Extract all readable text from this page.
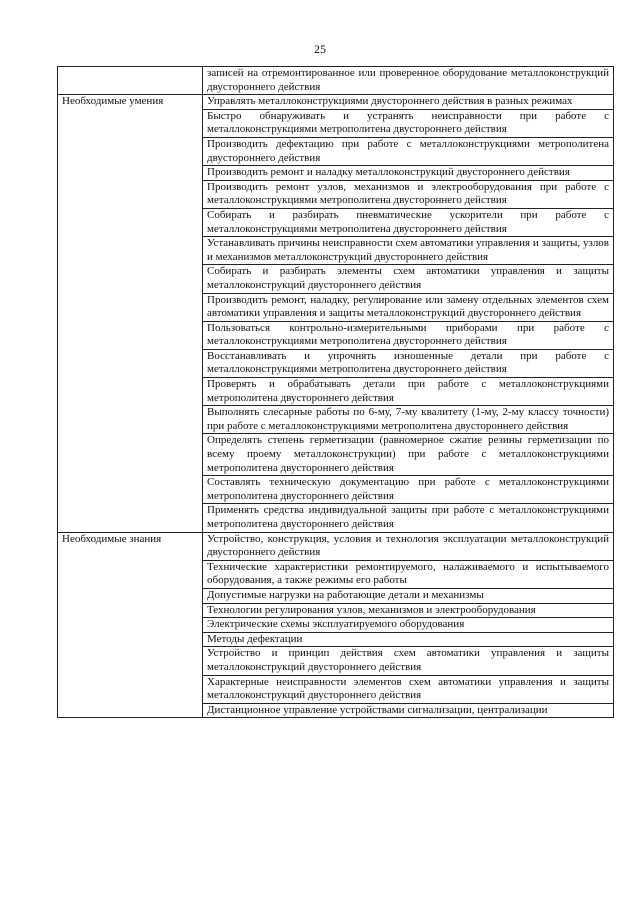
25
	записей на отремонтированное или проверенное оборудование металлоконструкций двустороннего действия
Необходимые умения	Управлять металлоконструкциями двустороннего действия в разных режимах
	Быстро обнаруживать и устранять неисправности при работе с металлоконструкциями метрополитена двустороннего действия
	Производить дефектацию при работе с металлоконструкциями метрополитена двустороннего действия
	Производить ремонт и наладку металлоконструкций двустороннего действия
	Производить ремонт узлов, механизмов и электрооборудования при работе с металлоконструкциями метрополитена двустороннего действия
	Собирать и разбирать пневматические ускорители при работе с металлоконструкциями метрополитена двустороннего действия
	Устанавливать причины неисправности схем автоматики управления и защиты, узлов и механизмов металлоконструкций двустороннего действия
	Собирать и разбирать элементы схем автоматики управления и защиты металлоконструкций двустороннего действия
	Производить ремонт, наладку, регулирование или замену отдельных элементов схем автоматики управления и защиты металлоконструкций двустороннего действия
	Пользоваться контрольно-измерительными приборами при работе с металлоконструкциями метрополитена двустороннего действия
	Восстанавливать и упрочнять изношенные детали при работе с металлоконструкциями метрополитена двустороннего действия
	Проверять и обрабатывать детали при работе с металлоконструкциями метрополитена двустороннего действия
	Выполнять слесарные работы по 6-му, 7-му квалитету (1-му, 2-му классу точности) при работе с металлоконструкциями метрополитена двустороннего действия
	Определять степень герметизации (равномерное сжатие резины герметизации по всему проему металлоконструкции) при работе с металлоконструкциями метрополитена двустороннего действия
	Составлять техническую документацию при работе с металлоконструкциями метрополитена двустороннего действия
	Применять средства индивидуальной защиты при работе с металлоконструкциями метрополитена двустороннего действия
Необходимые знания	Устройство, конструкция, условия и технология эксплуатации металлоконструкций двустороннего действия
	Технические характеристики ремонтируемого, налаживаемого и испытываемого оборудования, а также режимы его работы
	Допустимые нагрузки на работающие детали и механизмы
	Технологии регулирования узлов, механизмов и электрооборудования
	Электрические схемы эксплуатируемого оборудования
	Методы дефектации
	Устройство и принцип действия схем автоматики управления и защиты металлоконструкций двустороннего действия
	Характерные неисправности элементов схем автоматики управления и защиты металлоконструкций двустороннего действия
	Дистанционное управление устройствами сигнализации, централизации
